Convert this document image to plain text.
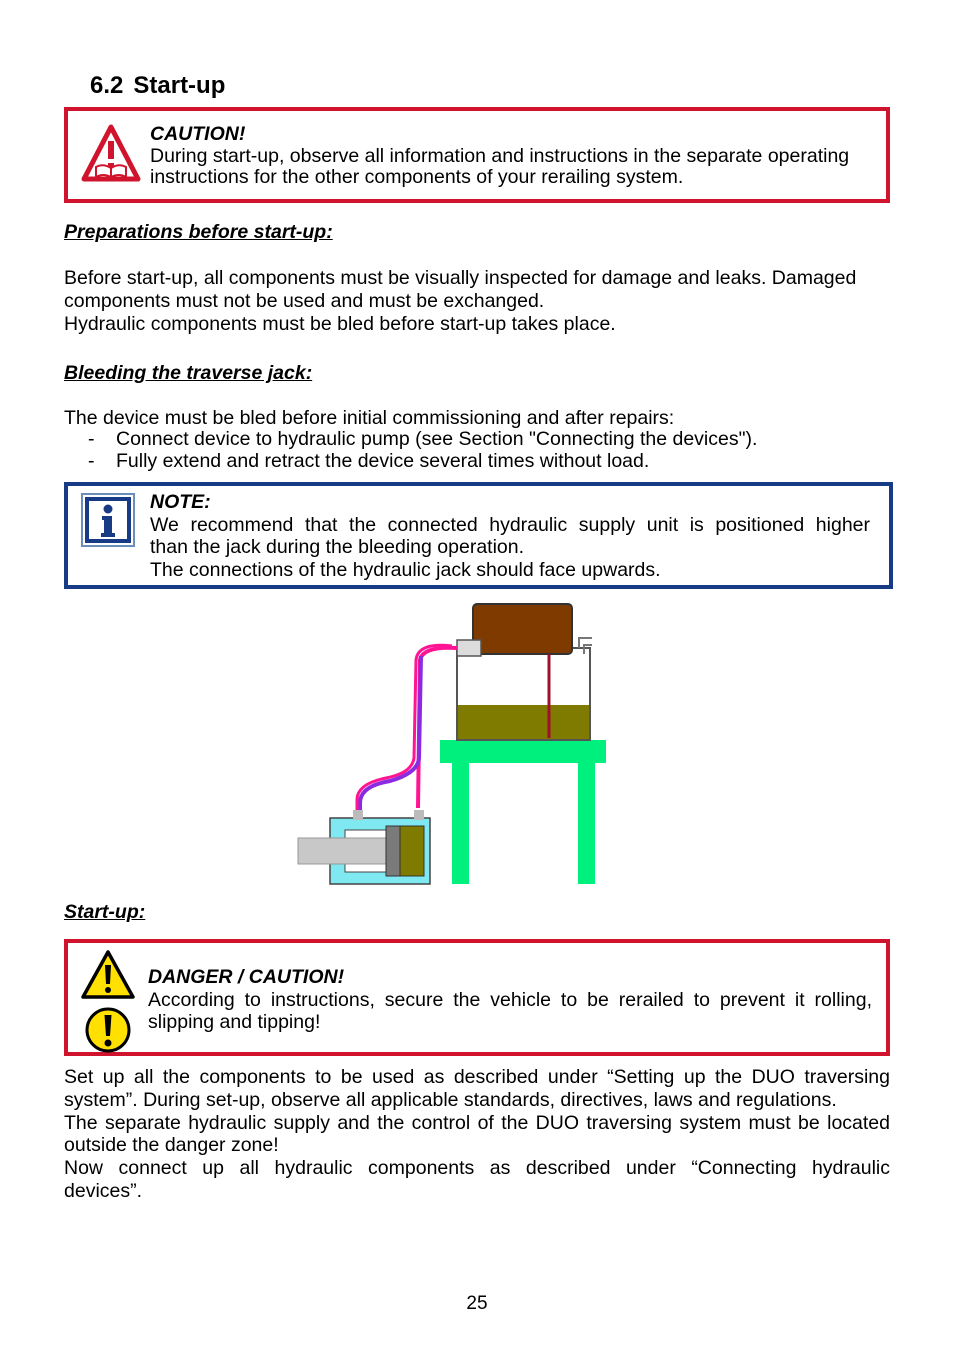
6.2 Start-up
CAUTION!
During start-up, observe all information and instructions in the separate operating
instructions for the other components of your rerailing system.
Preparations before start-up:
Before start-up, all components must be visually inspected for damage and leaks. Damaged
components must not be used and must be exchanged.
Hydraulic components must be bled before start-up takes place.
Bleeding the traverse jack:
The device must be bled before initial commissioning and after repairs:
- Connect device to hydraulic pump (see Section "Connecting the devices").
- Fully extend and retract the device several times without load.
NOTE:
We recommend that the connected hydraulic supply unit is positioned higher
than the jack during the bleeding operation.
The connections of the hydraulic jack should face upwards.
Start-up:
DANGER / CAUTION!
According to instructions, secure the vehicle to be rerailed to prevent it rolling,
slipping and tipping!
Set up all the components to be used as described under “Setting up the DUO traversing
system”. During set-up, observe all applicable standards, directives, laws and regulations.
The separate hydraulic supply and the control of the DUO traversing system must be located
outside the danger zone!
Now connect up all hydraulic components as described under “Connecting hydraulic
devices”.
25
